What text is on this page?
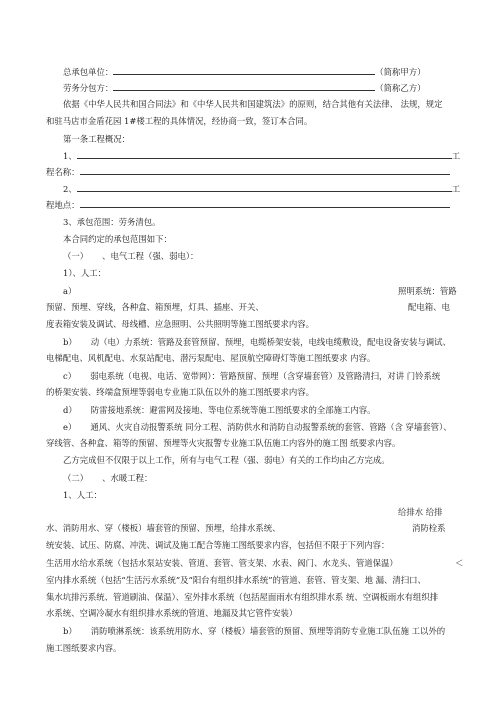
总承包单位：	（简称甲方）
劳务分包方：	（简称乙方）
依据《中华人民共和国合同法》和《中华人民共和国建筑法》的原则，结合其他有关法律、 法规，规定
和驻马店市金盾花园 1#楼工程的具体情况，经协商一致，签订本合同。
第一条工程概况：
1、	工
程名称：
2、	工
程地点：
3、承包范围：劳务清包。
本合同约定的承包范围如下：
（一） 、电气工程（强、弱电）：
1）、人工：
a）	照明系统：管路
预留、预埋、穿线，各种盒、箱预埋，灯具、插座、开关、	配电箱、电
度表箱安装及调试、母线槽、应急照明、公共照明等施工图纸要求内容。
b） 动（电）力系统：管路及套管预留、预埋，电缆桥架安装，电线电缆敷设，配电设备安装与调试、
电梯配电、风机配电、水泵站配电、潜污泵配电、屋顶航空障碍灯等施工图纸要求 内容。
c） 弱电系统（电视、电话、宽带网）：管路预留、预埋（含穿墙套管）及管路清扫，对讲 门铃系统
的桥架安装、终端盒预埋等弱电专业施工队伍以外的施工图纸要求内容。
d） 防雷接地系统：避雷网及接地、等电位系统等施工图纸要求的全部施工内容。
e） 通风、火灾自动报警系统 同分工程、消防供水和消防自动报警系统的套管、管路（含 穿墙套管）、
穿线管、各种盒、箱等的预留、预埋等火灾报警专业施工队伍施工内容外的施工图 纸要求内容。
乙方完成但不仅限于以上工作，所有与电气工程（强、弱电）有关的工作均由乙方完成。
（二） 、水暖工程：
1、人工：
给排水 给排
水、消防用水、穿（楼板）墙套管的预留、预埋，给排水系统、	消防栓系
统安装、试压、防腐、冲洗、调试及施工配合等施工图纸要求内容，包括但不限于下列内容：
生活用水给水系统（包括水泵站安装、管道、套管、管支架、水表、阀门、水龙头、管道保温）	＜
室内排水系统（包括“生活污水系统”及“阳台有组织排水系统”的管道、套管、管支架、地 漏、清扫口、
集水坑排污系统、管道刷油、保温）、室外排水系统（包括屋面雨水有组织排水系 统、空调板雨水有组织排
水系统、空调冷凝水有组织排水系统的管道、地漏及其它管件安装）
b） 消防喷淋系统：该系统用防水、穿（楼板）墙套管的预留、预埋等消防专业施工队伍施 工以外的
施工图纸要求内容。
